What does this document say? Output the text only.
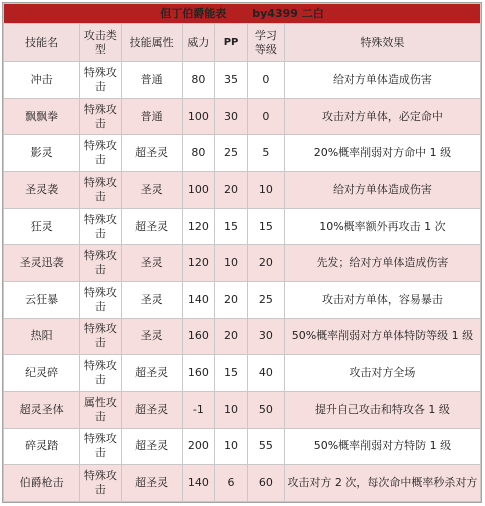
但丁伯爵能表 by4399 二白						
技能名	攻击类型	技能属性	威力	PP	学习等级	特殊效果
冲击	特殊攻击	普通	80	35	0	给对方单体造成伤害
飘飘拳	特殊攻击	普通	100	30	0	攻击对方单体，必定命中
影灵	特殊攻击	超圣灵	80	25	5	20%概率削弱对方命中 1 级
圣灵袭	特殊攻击	圣灵	100	20	10	给对方单体造成伤害
狂灵	特殊攻击	超圣灵	120	15	15	10%概率额外再攻击 1 次
圣灵迅袭	特殊攻击	圣灵	120	10	20	先发；给对方单体造成伤害
云狂暴	特殊攻击	圣灵	140	20	25	攻击对方单体，容易暴击
热阳	特殊攻击	圣灵	160	20	30	50%概率削弱对方单体特防等级 1 级
纪灵碎	特殊攻击	超圣灵	160	15	40	攻击对方全场
超灵圣体	属性攻击	超圣灵	-1	10	50	提升自己攻击和特攻各 1 级
碎灵踏	特殊攻击	超圣灵	200	10	55	50%概率削弱对方特防 1 级
伯爵枪击	特殊攻击	超圣灵	140	6	60	攻击对方 2 次，每次命中概率秒杀对方
